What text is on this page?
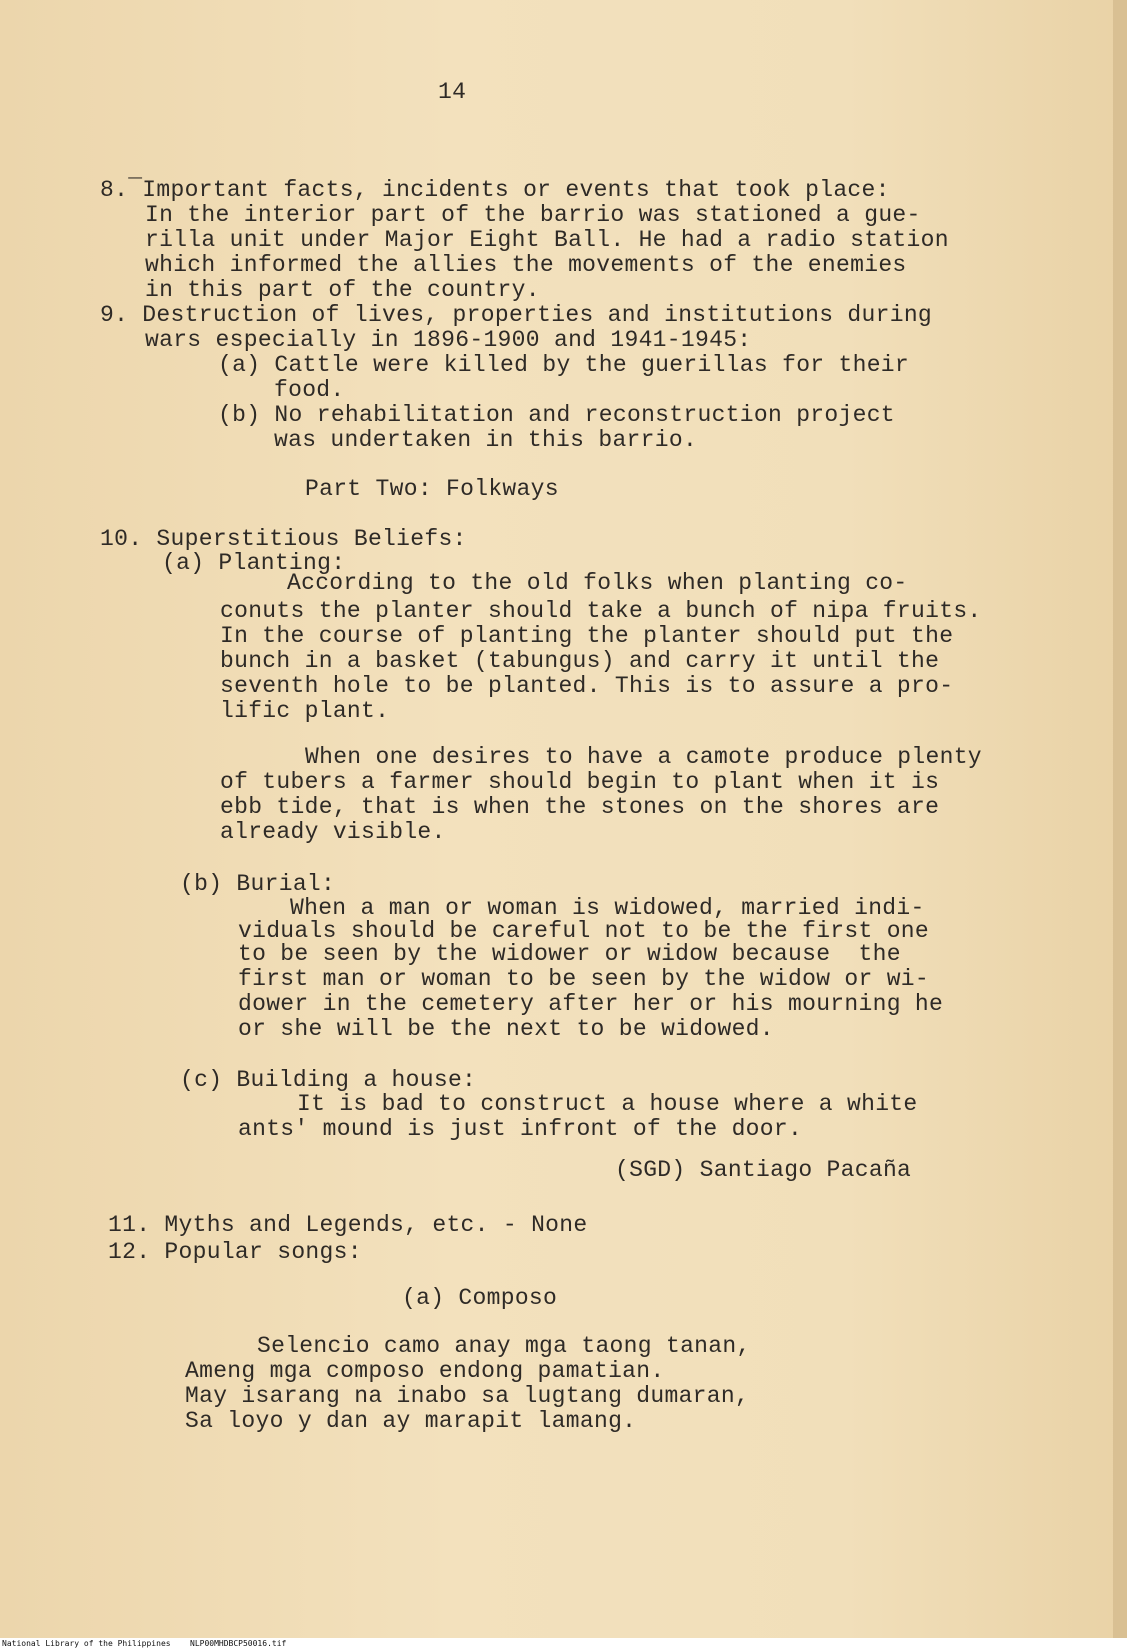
14
8.¯Important facts, incidents or events that took place:
In the interior part of the barrio was stationed a gue-
rilla unit under Major Eight Ball. He had a radio station
which informed the allies the movements of the enemies
in this part of the country.
9. Destruction of lives, properties and institutions during
wars especially in 1896-1900 and 1941-1945:
(a) Cattle were killed by the guerillas for their
food.
(b) No rehabilitation and reconstruction project
was undertaken in this barrio.
Part Two: Folkways
10. Superstitious Beliefs:
(a) Planting:
According to the old folks when planting co-
conuts the planter should take a bunch of nipa fruits.
In the course of planting the planter should put the
bunch in a basket (tabungus) and carry it until the
seventh hole to be planted. This is to assure a pro-
lific plant.
When one desires to have a camote produce plenty
of tubers a farmer should begin to plant when it is
ebb tide, that is when the stones on the shores are
already visible.
(b) Burial:
When a man or woman is widowed, married indi-
viduals should be careful not to be the first one
to be seen by the widower or widow because  the
first man or woman to be seen by the widow or wi-
dower in the cemetery after her or his mourning he
or she will be the next to be widowed.
(c) Building a house:
It is bad to construct a house where a white
ants' mound is just infront of the door.
(SGD) Santiago Pacaña
11. Myths and Legends, etc. - None
12. Popular songs:
(a) Composo
Selencio camo anay mga taong tanan,
Ameng mga composo endong pamatian.
May isarang na inabo sa lugtang dumaran,
Sa loyo y dan ay marapit lamang.
National Library of the Philippines NLP00MHDBCP50016.tif
